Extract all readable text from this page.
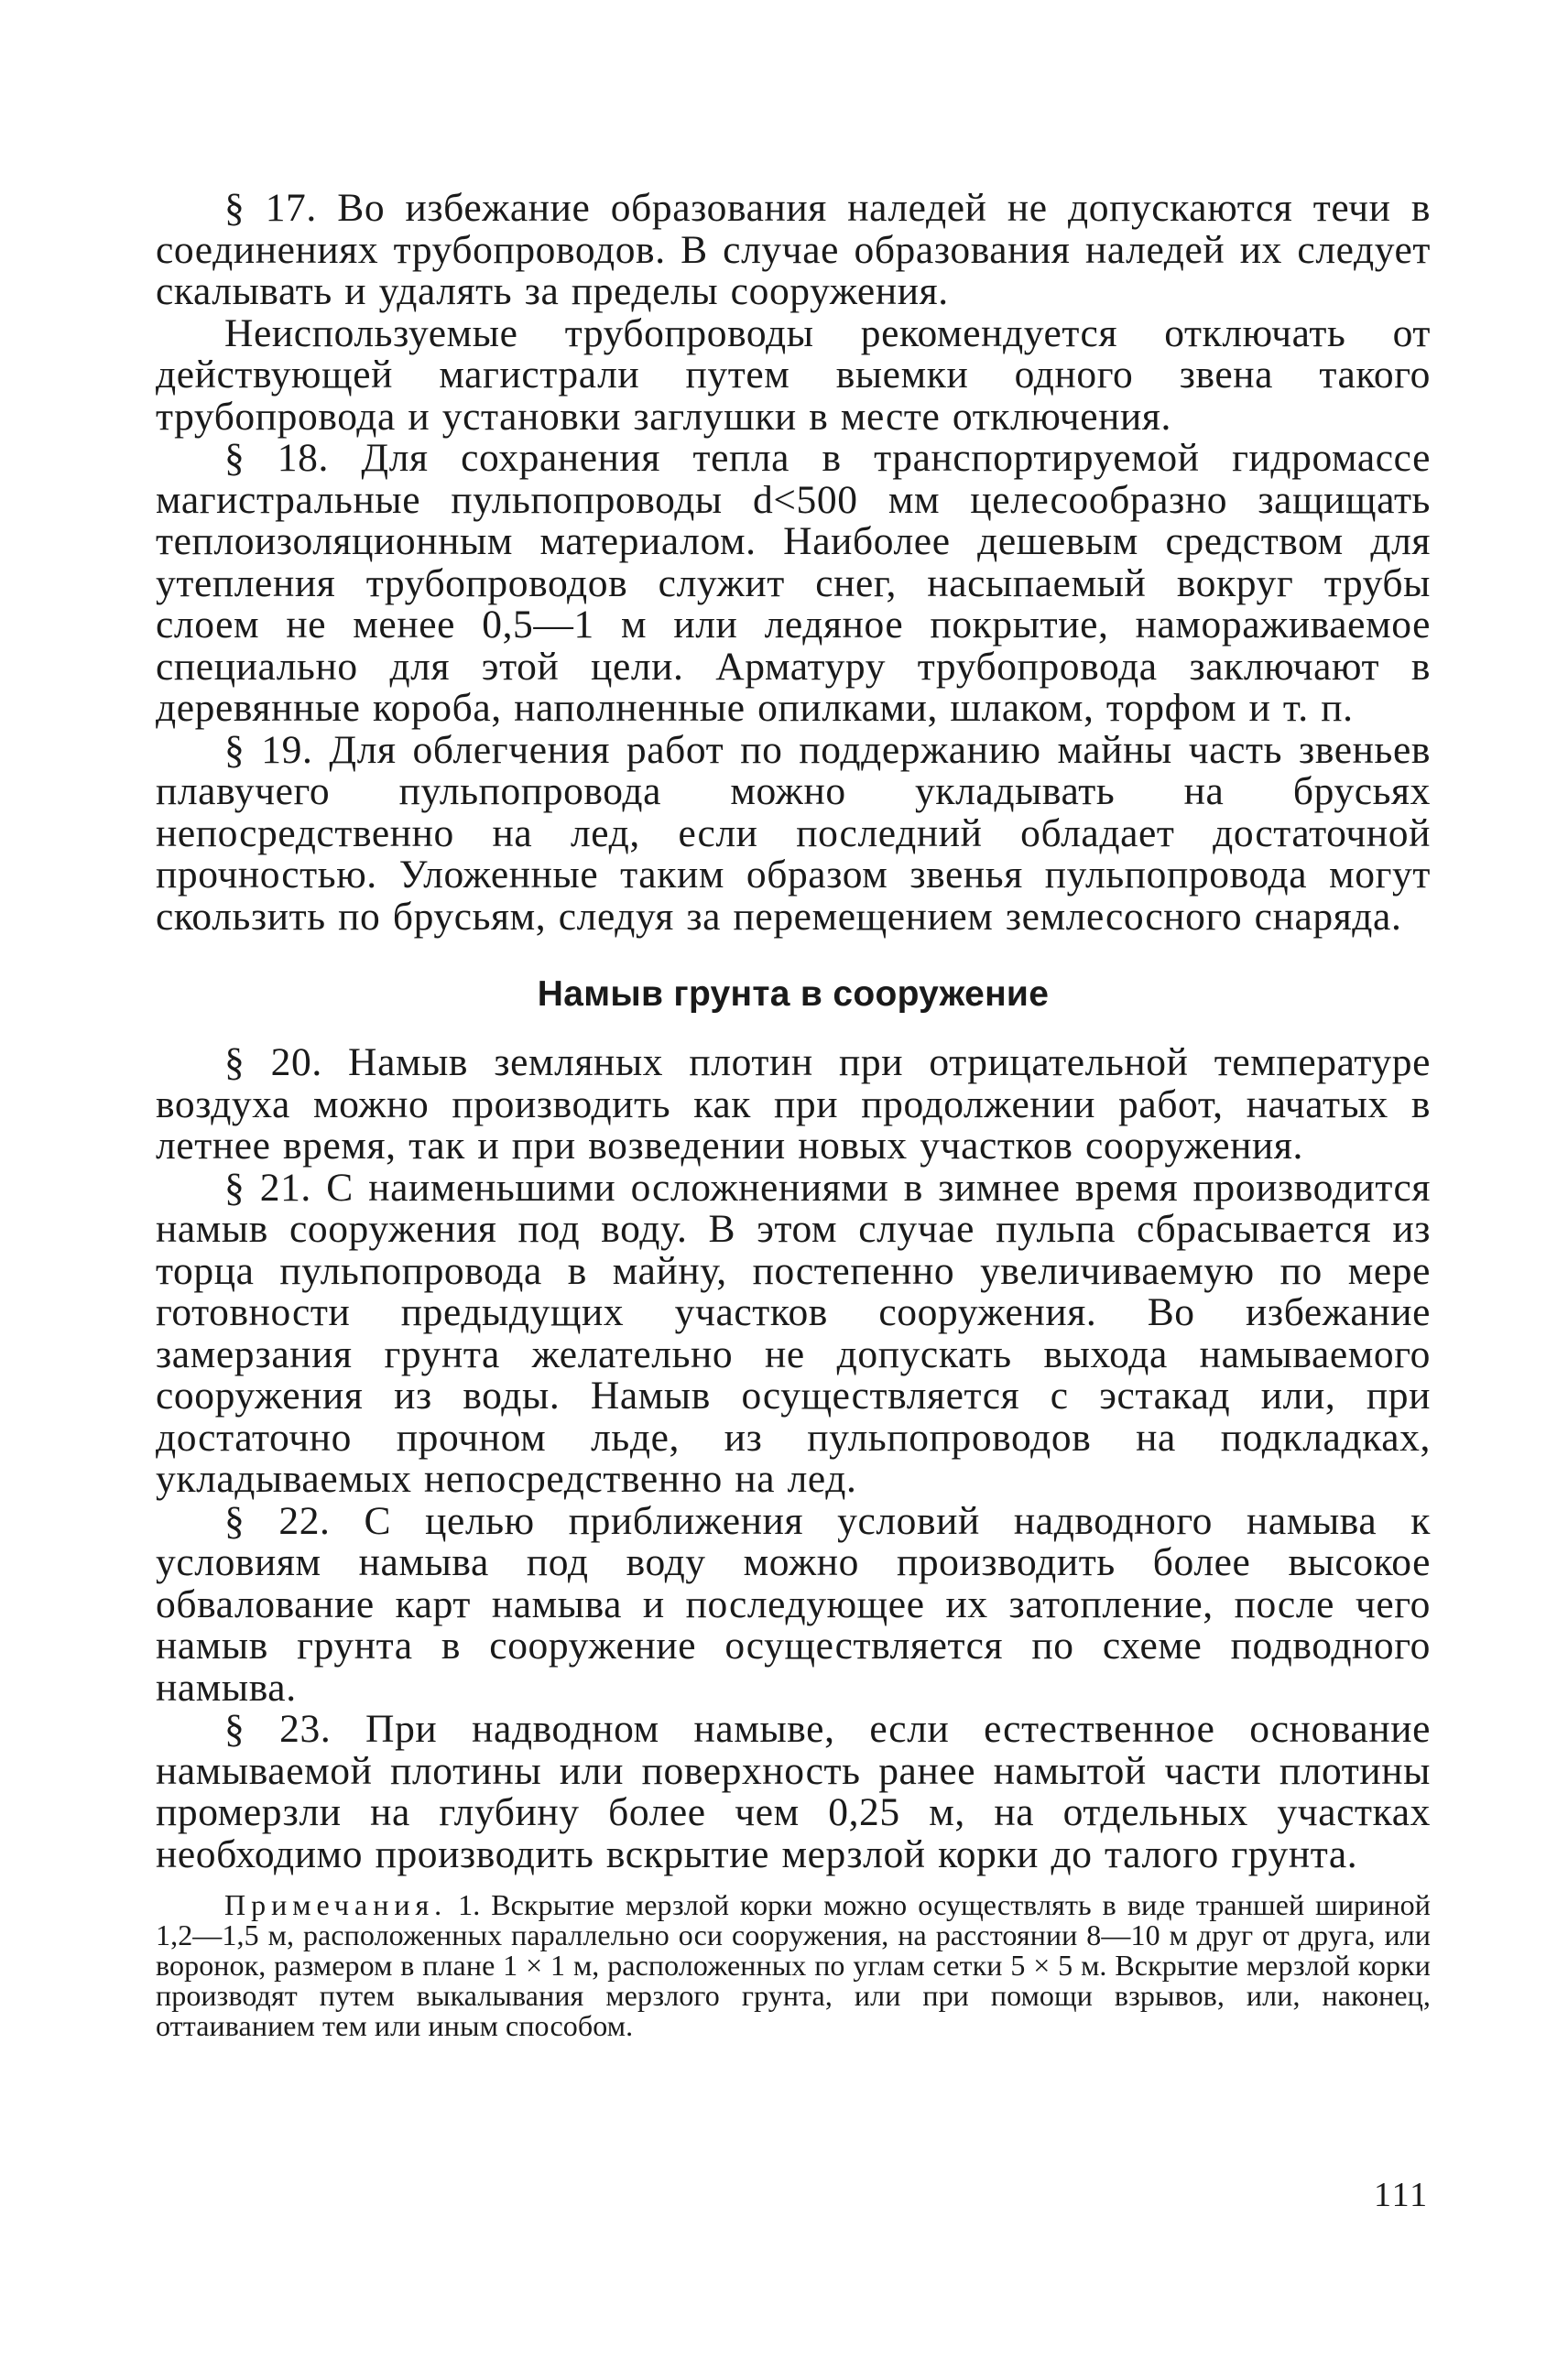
§ 17. Во избежание образования наледей не допускаются течи в соединениях трубопроводов. В случае образования наледей их следует скалывать и удалять за пределы сооружения.

Неиспользуемые трубопроводы рекомендуется отключать от действующей магистрали путем выемки одного звена такого трубопровода и установки заглушки в месте отключения.

§ 18. Для сохранения тепла в транспортируемой гидромассе магистральные пульпопроводы d<500 мм целесообразно защищать теплоизоляционным материалом. Наиболее дешевым средством для утепления трубопроводов служит снег, насыпаемый вокруг трубы слоем не менее 0,5—1 м или ледяное покрытие, намораживаемое специально для этой цели. Арматуру трубопровода заключают в деревянные короба, наполненные опилками, шлаком, торфом и т. п.

§ 19. Для облегчения работ по поддержанию майны часть звеньев плавучего пульпопровода можно укладывать на брусьях непосредственно на лед, если последний обладает достаточной прочностью. Уложенные таким образом звенья пульпопровода могут скользить по брусьям, следуя за перемещением землесосного снаряда.

Намыв грунта в сооружение

§ 20. Намыв земляных плотин при отрицательной температуре воздуха можно производить как при продолжении работ, начатых в летнее время, так и при возведении новых участков сооружения.

§ 21. С наименьшими осложнениями в зимнее время производится намыв сооружения под воду. В этом случае пульпа сбрасывается из торца пульпопровода в майну, постепенно увеличиваемую по мере готовности предыдущих участков сооружения. Во избежание замерзания грунта желательно не допускать выхода намываемого сооружения из воды. Намыв осуществляется с эстакад или, при достаточно прочном льде, из пульпопроводов на подкладках, укладываемых непосредственно на лед.

§ 22. С целью приближения условий надводного намыва к условиям намыва под воду можно производить более высокое обвалование карт намыва и последующее их затопление, после чего намыв грунта в сооружение осуществляется по схеме подводного намыва.

§ 23. При надводном намыве, если естественное основание намываемой плотины или поверхность ранее намытой части плотины промерзли на глубину более чем 0,25 м, на отдельных участках необходимо производить вскрытие мерзлой корки до талого грунта.

Примечания. 1. Вскрытие мерзлой корки можно осуществлять в виде траншей шириной 1,2—1,5 м, расположенных параллельно оси сооружения, на расстоянии 8—10 м друг от друга, или воронок, размером в плане 1 × 1 м, расположенных по углам сетки 5 × 5 м. Вскрытие мерзлой корки производят путем выкалывания мерзлого грунта, или при помощи взрывов, или, наконец, оттаиванием тем или иным способом.

111
